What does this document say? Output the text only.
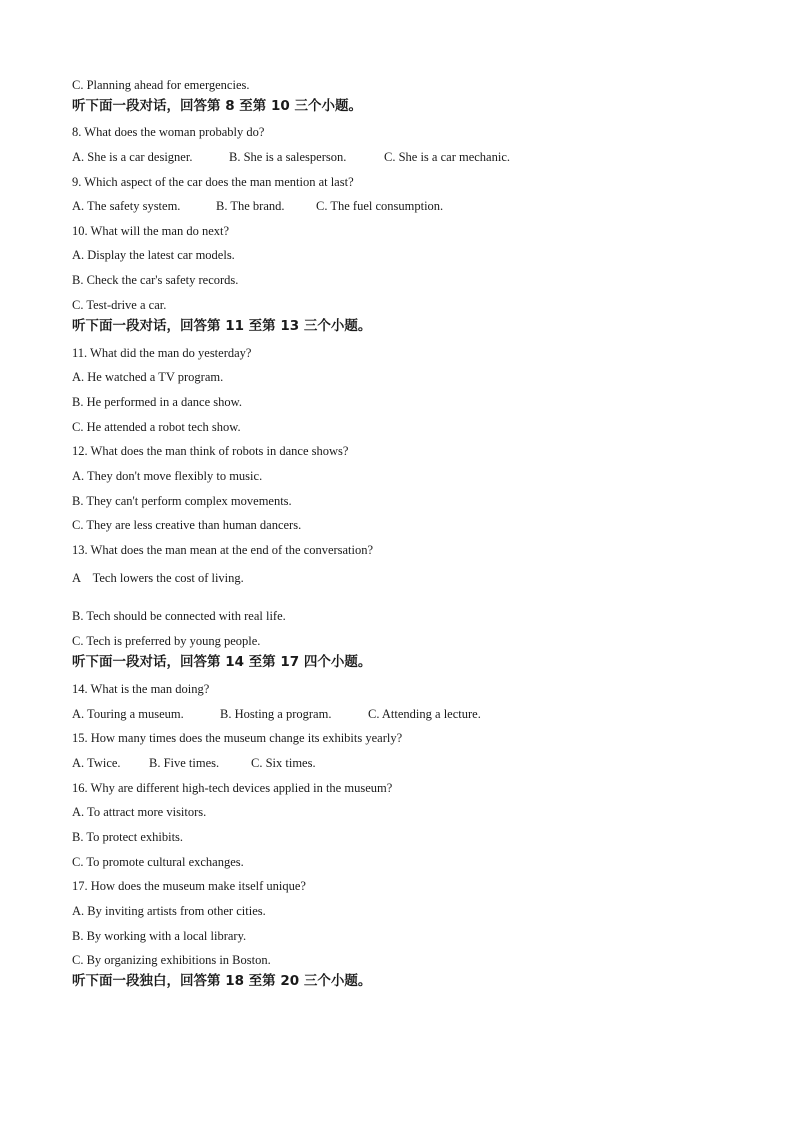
C. Planning ahead for emergencies.
听下面一段对话，回答第 8 至第 10 三个小题。
8. What does the woman probably do?
A. She is a car designer.	B. She is a salesperson.	C. She is a car mechanic.
9. Which aspect of the car does the man mention at last?
A. The safety system.	B. The brand.	C. The fuel consumption.
10. What will the man do next?
A. Display the latest car models.
B. Check the car's safety records.
C. Test-drive a car.
听下面一段对话，回答第 11 至第 13 三个小题。
11. What did the man do yesterday?
A. He watched a TV program.
B. He performed in a dance show.
C. He attended a robot tech show.
12. What does the man think of robots in dance shows?
A. They don't move flexibly to music.
B. They can't perform complex movements.
C. They are less creative than human dancers.
13. What does the man mean at the end of the conversation?
A    Tech lowers the cost of living.
B. Tech should be connected with real life.
C. Tech is preferred by young people.
听下面一段对话，回答第 14 至第 17 四个小题。
14. What is the man doing?
A. Touring a museum.	B. Hosting a program.	C. Attending a lecture.
15. How many times does the museum change its exhibits yearly?
A. Twice. B. Five times.	C. Six times.
16. Why are different high-tech devices applied in the museum?
A. To attract more visitors.
B. To protect exhibits.
C. To promote cultural exchanges.
17. How does the museum make itself unique?
A. By inviting artists from other cities.
B. By working with a local library.
C. By organizing exhibitions in Boston.
听下面一段独白，回答第 18 至第 20 三个小题。
